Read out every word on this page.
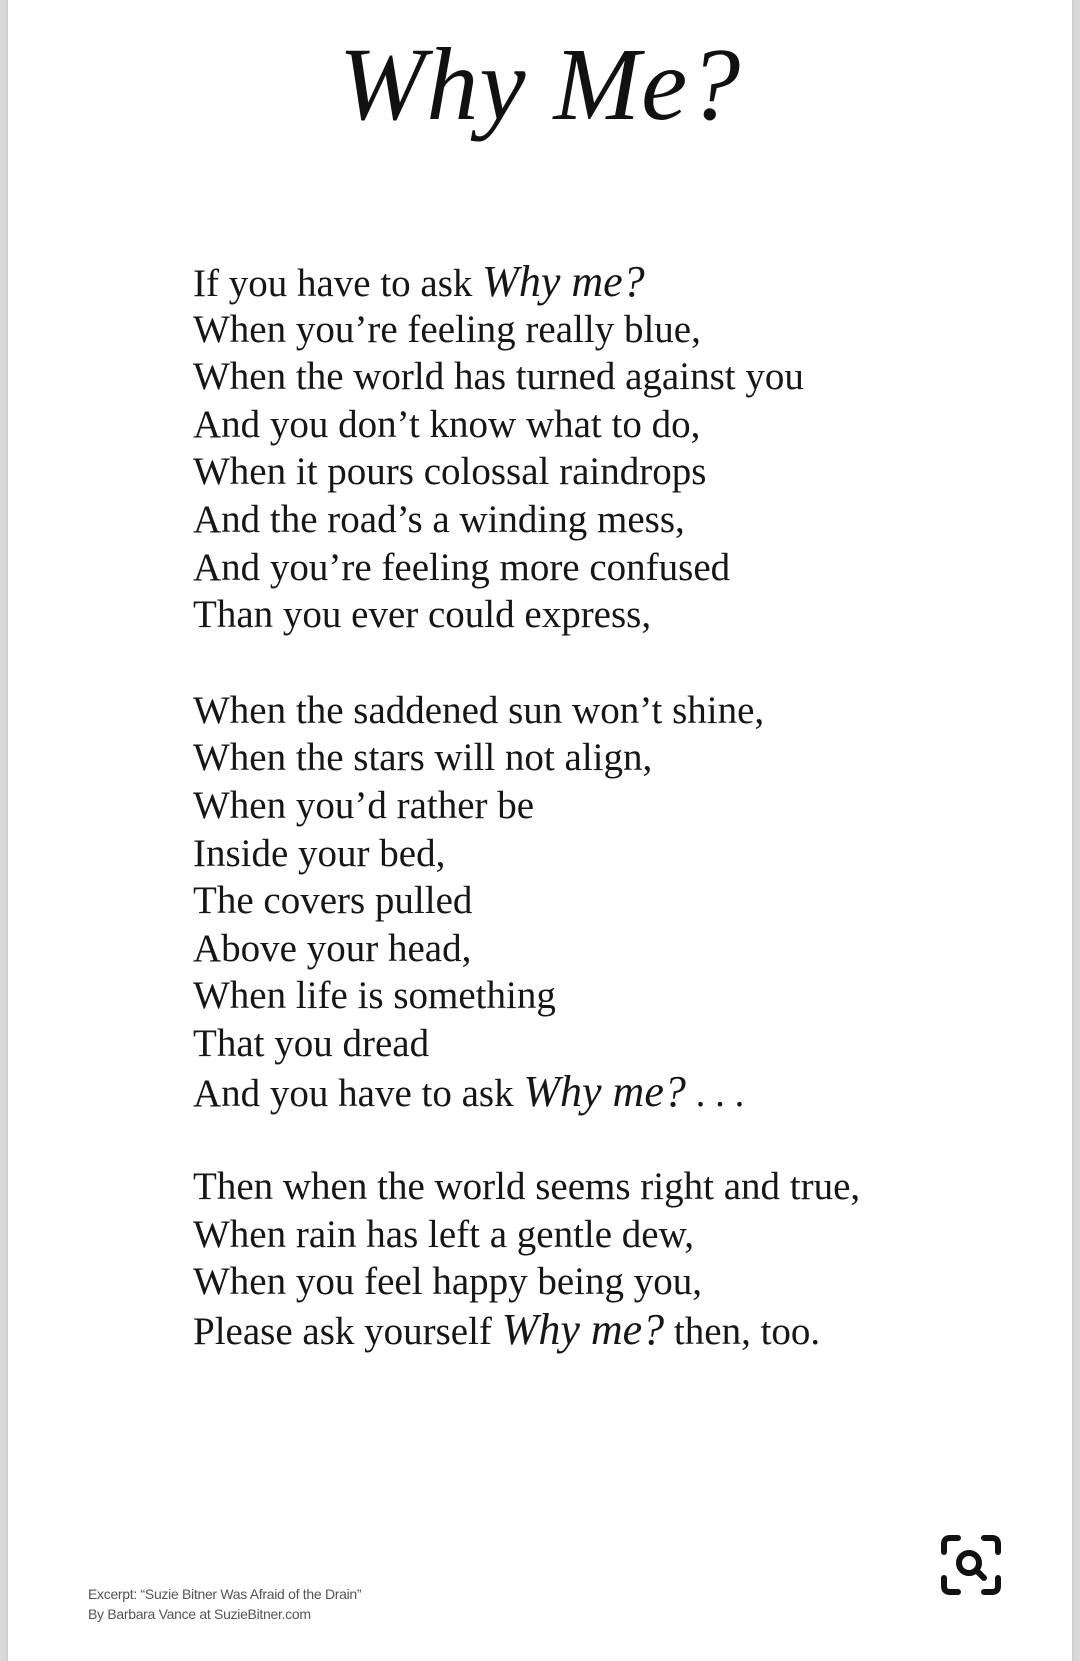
Why Me?
If you have to ask Why me?
When you’re feeling really blue,
When the world has turned against you
And you don’t know what to do,
When it pours colossal raindrops
And the road’s a winding mess,
And you’re feeling more confused
Than you ever could express,
When the saddened sun won’t shine,
When the stars will not align,
When you’d rather be
Inside your bed,
The covers pulled
Above your head,
When life is something
That you dread
And you have to ask Why me? . . .
Then when the world seems right and true,
When rain has left a gentle dew,
When you feel happy being you,
Please ask yourself Why me? then, too.
Excerpt: “Suzie Bitner Was Afraid of the Drain”
By Barbara Vance at SuzieBitner.com
